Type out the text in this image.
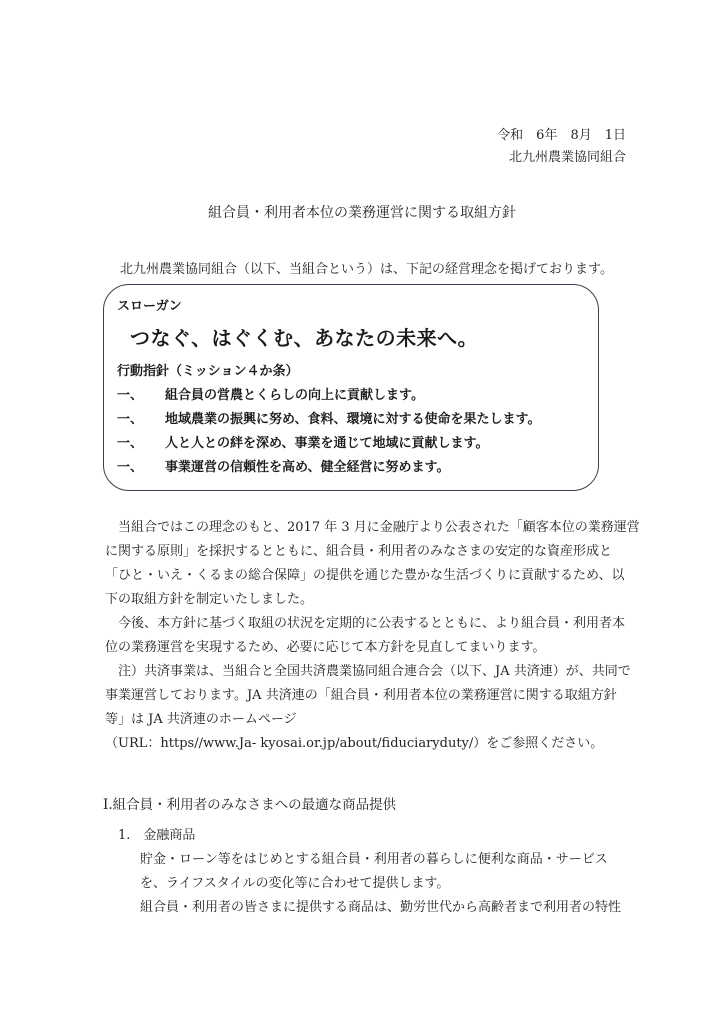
令和　6年　8月　1日
北九州農業協同組合
組合員・利用者本位の業務運営に関する取組方針
北九州農業協同組合（以下、当組合という）は、下記の経営理念を掲げております。
スローガン
つなぐ、はぐくむ、あなたの未来へ。
行動指針（ミッション４か条）
一、 組合員の営農とくらしの向上に貢献します。
一、 地域農業の振興に努め、食料、環境に対する使命を果たします。
一、 人と人との絆を深め、事業を通じて地域に貢献します。
一、 事業運営の信頼性を高め、健全経営に努めます。
　当組合ではこの理念のもと、2017 年 3 月に金融庁より公表された「顧客本位の業務運営
に関する原則」を採択するとともに、組合員・利用者のみなさまの安定的な資産形成と
「ひと・いえ・くるまの総合保障」の提供を通じた豊かな生活づくりに貢献するため、以
下の取組方針を制定いたしました。
　今後、本方針に基づく取組の状況を定期的に公表するとともに、より組合員・利用者本
位の業務運営を実現するため、必要に応じて本方針を見直してまいります。
　注）共済事業は、当組合と全国共済農業協同組合連合会（以下、JA 共済連）が、共同で
事業運営しております。JA 共済連の「組合員・利用者本位の業務運営に関する取組方針
等」は JA 共済連のホームページ
（URL：https//www.Ja- kyosai.or.jp/about/fiduciaryduty/）をご参照ください。
Ⅰ.組合員・利用者のみなさまへの最適な商品提供
1.　金融商品
貯金・ローン等をはじめとする組合員・利用者の暮らしに便利な商品・サービス
を、ライフスタイルの変化等に合わせて提供します。
組合員・利用者の皆さまに提供する商品は、勤労世代から高齢者まで利用者の特性
